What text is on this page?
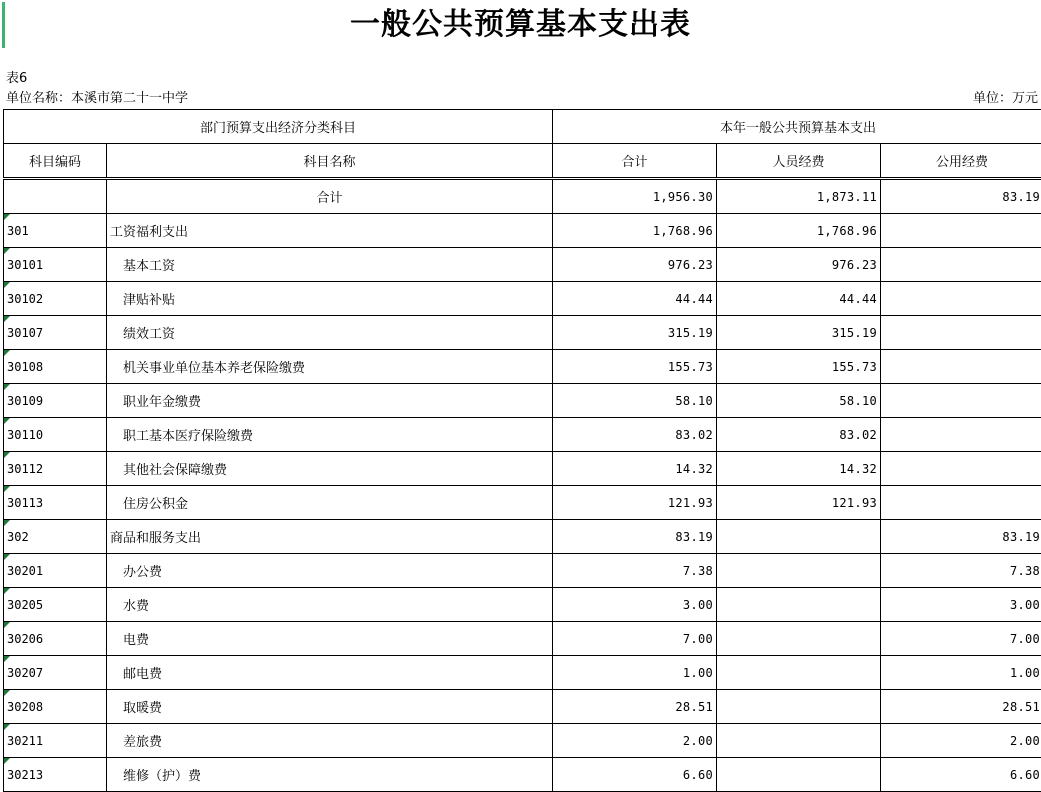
一般公共预算基本支出表
表6
单位名称：本溪市第二十一中学	单位：万元
部门预算支出经济分类科目		本年一般公共预算基本支出		
科目编码	科目名称	合计	人员经费	公用经费
	合计	1,956.30	1,873.11	83.19
301	工资福利支出	1,768.96	1,768.96	
30101	基本工资	976.23	976.23	
30102	津贴补贴	44.44	44.44	
30107	绩效工资	315.19	315.19	
30108	机关事业单位基本养老保险缴费	155.73	155.73	
30109	职业年金缴费	58.10	58.10	
30110	职工基本医疗保险缴费	83.02	83.02	
30112	其他社会保障缴费	14.32	14.32	
30113	住房公积金	121.93	121.93	
302	商品和服务支出	83.19		83.19
30201	办公费	7.38		7.38
30205	水费	3.00		3.00
30206	电费	7.00		7.00
30207	邮电费	1.00		1.00
30208	取暖费	28.51		28.51
30211	差旅费	2.00		2.00
30213	维修（护）费	6.60		6.60
